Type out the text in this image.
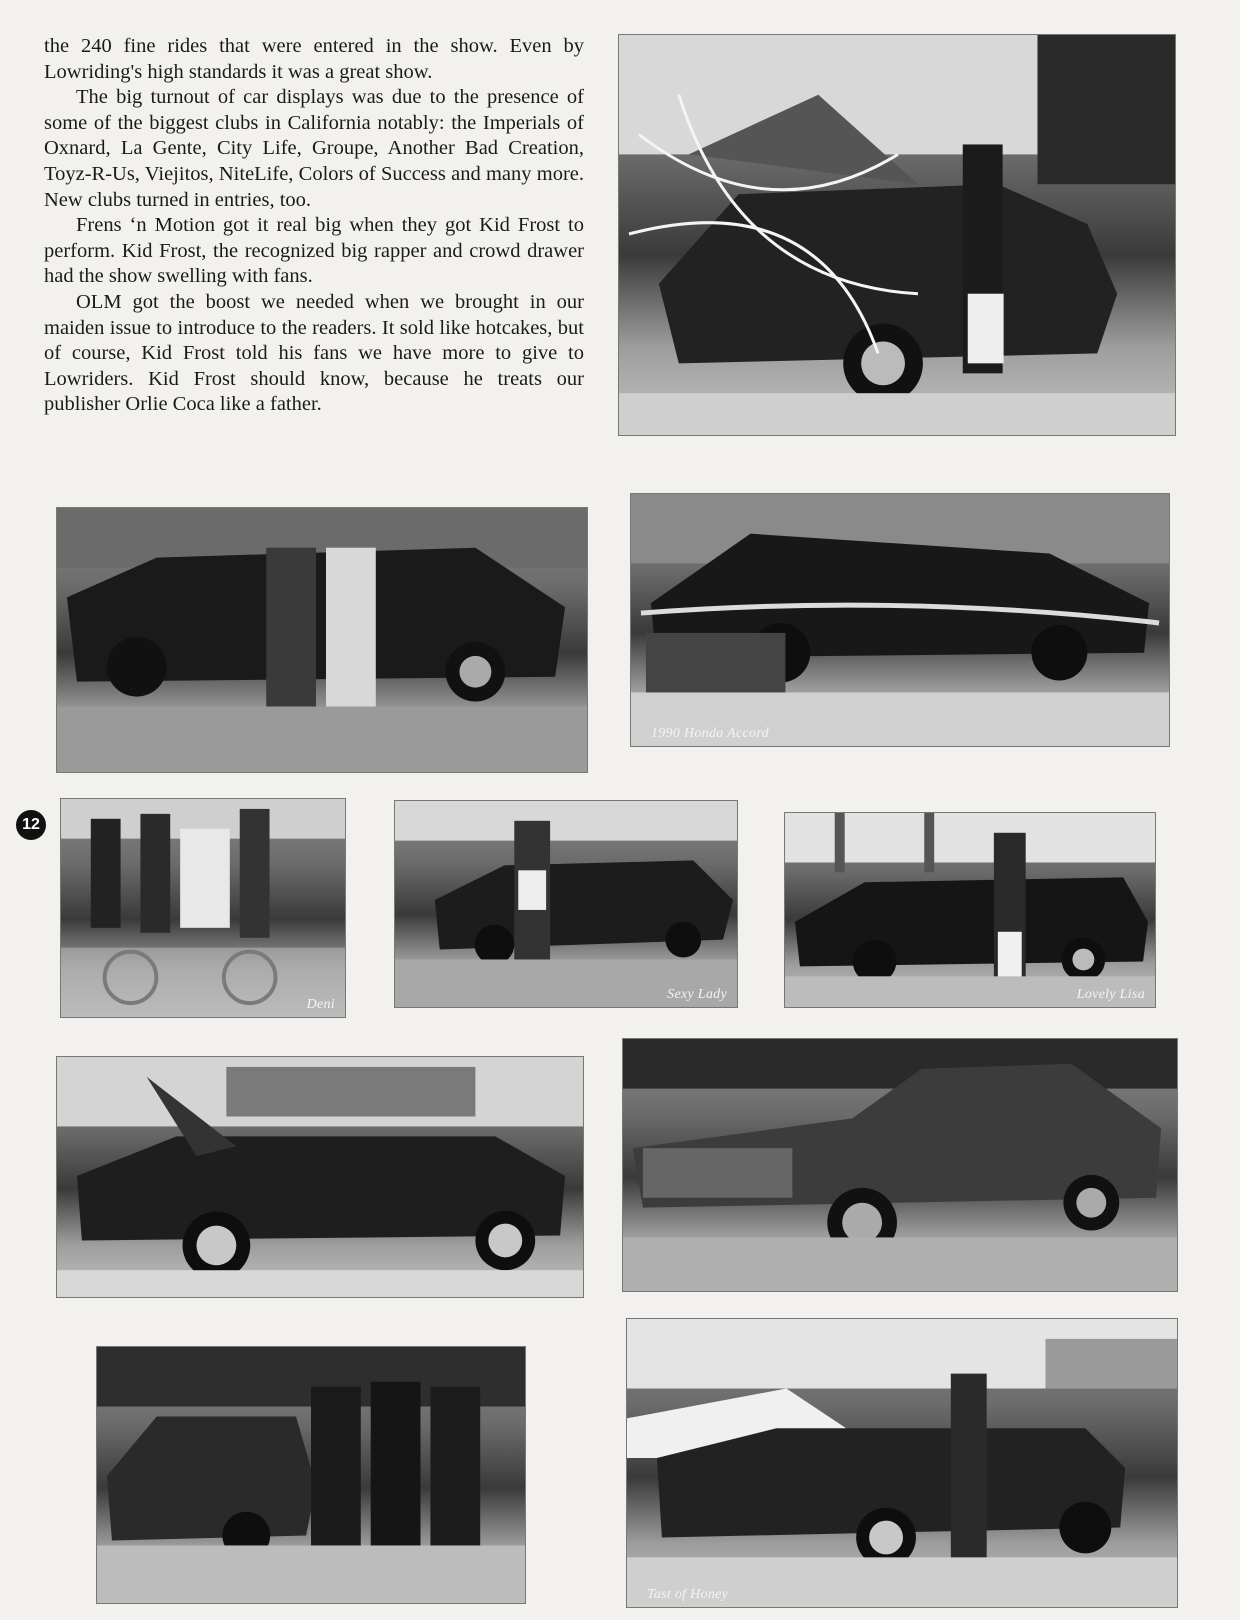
the 240 fine rides that were entered in the show. Even by Lowriding's high standards it was a great show.

The big turnout of car displays was due to the presence of some of the biggest clubs in California notably: the Imperials of Oxnard, La Gente, City Life, Groupe, Another Bad Creation, Toyz-R-Us, Viejitos, NiteLife, Colors of Success and many more. New clubs turned in entries, too.

Frens ‘n Motion got it real big when they got Kid Frost to perform. Kid Frost, the recognized big rapper and crowd drawer had the show swelling with fans.

OLM got the boost we needed when we brought in our maiden issue to introduce to the readers. It sold like hotcakes, but of course, Kid Frost told his fans we have more to give to Lowriders. Kid Frost should know, because he treats our publisher Orlie Coca like a father.

12
1990 Honda Accord
Deni
Sexy Lady	Lovely Lisa
Tast of Honey
